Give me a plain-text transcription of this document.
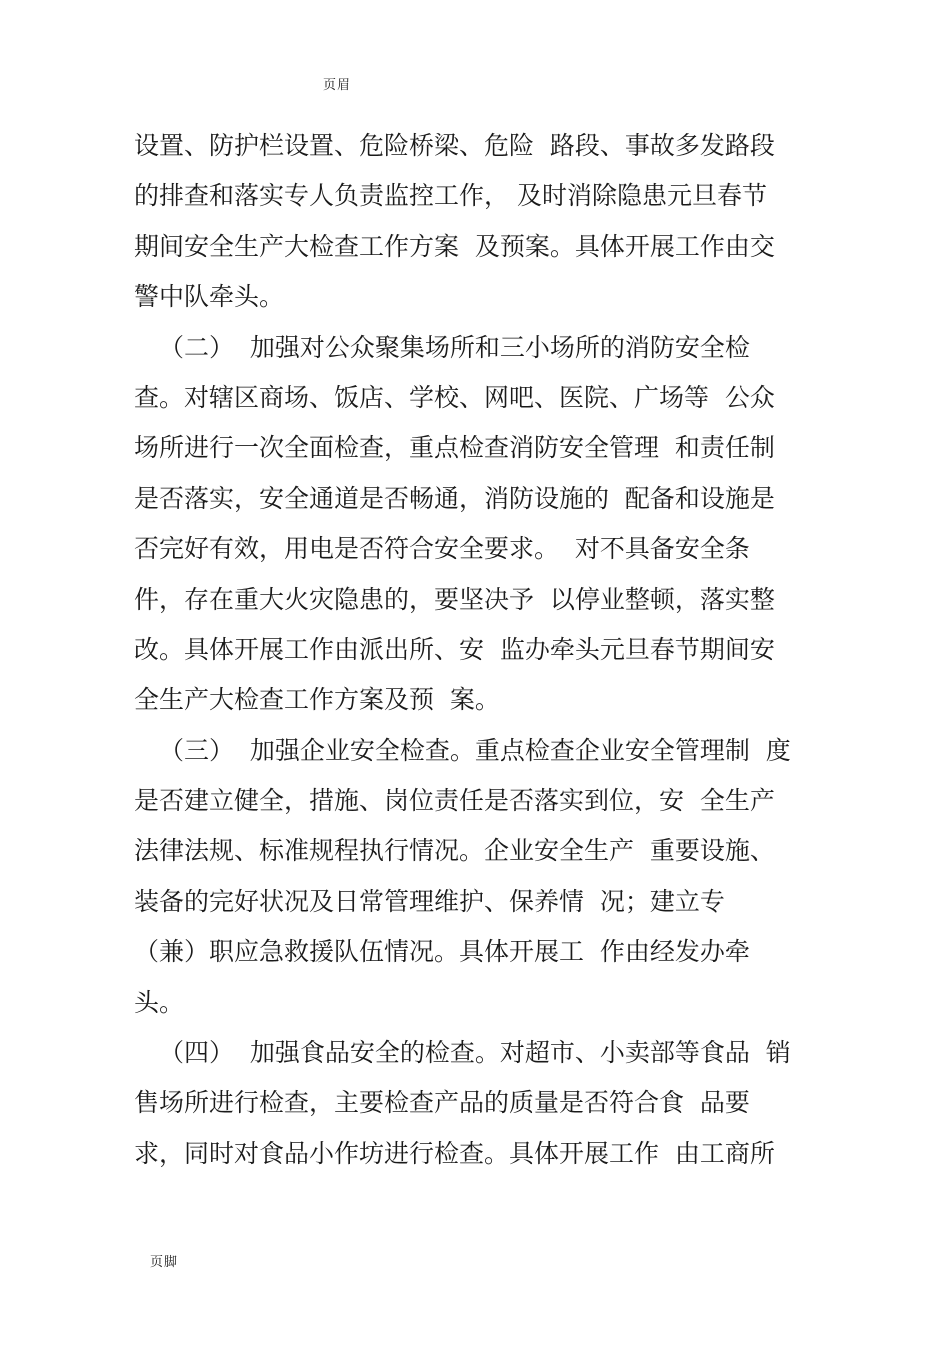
页眉
设置、防护栏设置、危险桥梁、危险  路段、事故多发路段
的排查和落实专人负责监控工作， 及时消除隐患元旦春节
期间安全生产大检查工作方案  及预案。具体开展工作由交
警中队牵头。
（二）  加强对公众聚集场所和三小场所的消防安全检
查。对辖区商场、饭店、学校、网吧、医院、广场等  公众
场所进行一次全面检查，重点检查消防安全管理  和责任制
是否落实，安全通道是否畅通，消防设施的  配备和设施是
否完好有效，用电是否符合安全要求。  对不具备安全条
件，存在重大火灾隐患的，要坚决予  以停业整顿，落实整
改。具体开展工作由派出所、安  监办牵头元旦春节期间安
全生产大检查工作方案及预  案。
（三）  加强企业安全检查。重点检查企业安全管理制  度
是否建立健全，措施、岗位责任是否落实到位，安  全生产
法律法规、标准规程执行情况。企业安全生产  重要设施、
装备的完好状况及日常管理维护、保养情  况；建立专
（兼）职应急救援队伍情况。具体开展工  作由经发办牵
头。
（四）  加强食品安全的检查。对超市、小卖部等食品  销
售场所进行检查，主要检查产品的质量是否符合食  品要
求，同时对食品小作坊进行检查。具体开展工作  由工商所
页脚
